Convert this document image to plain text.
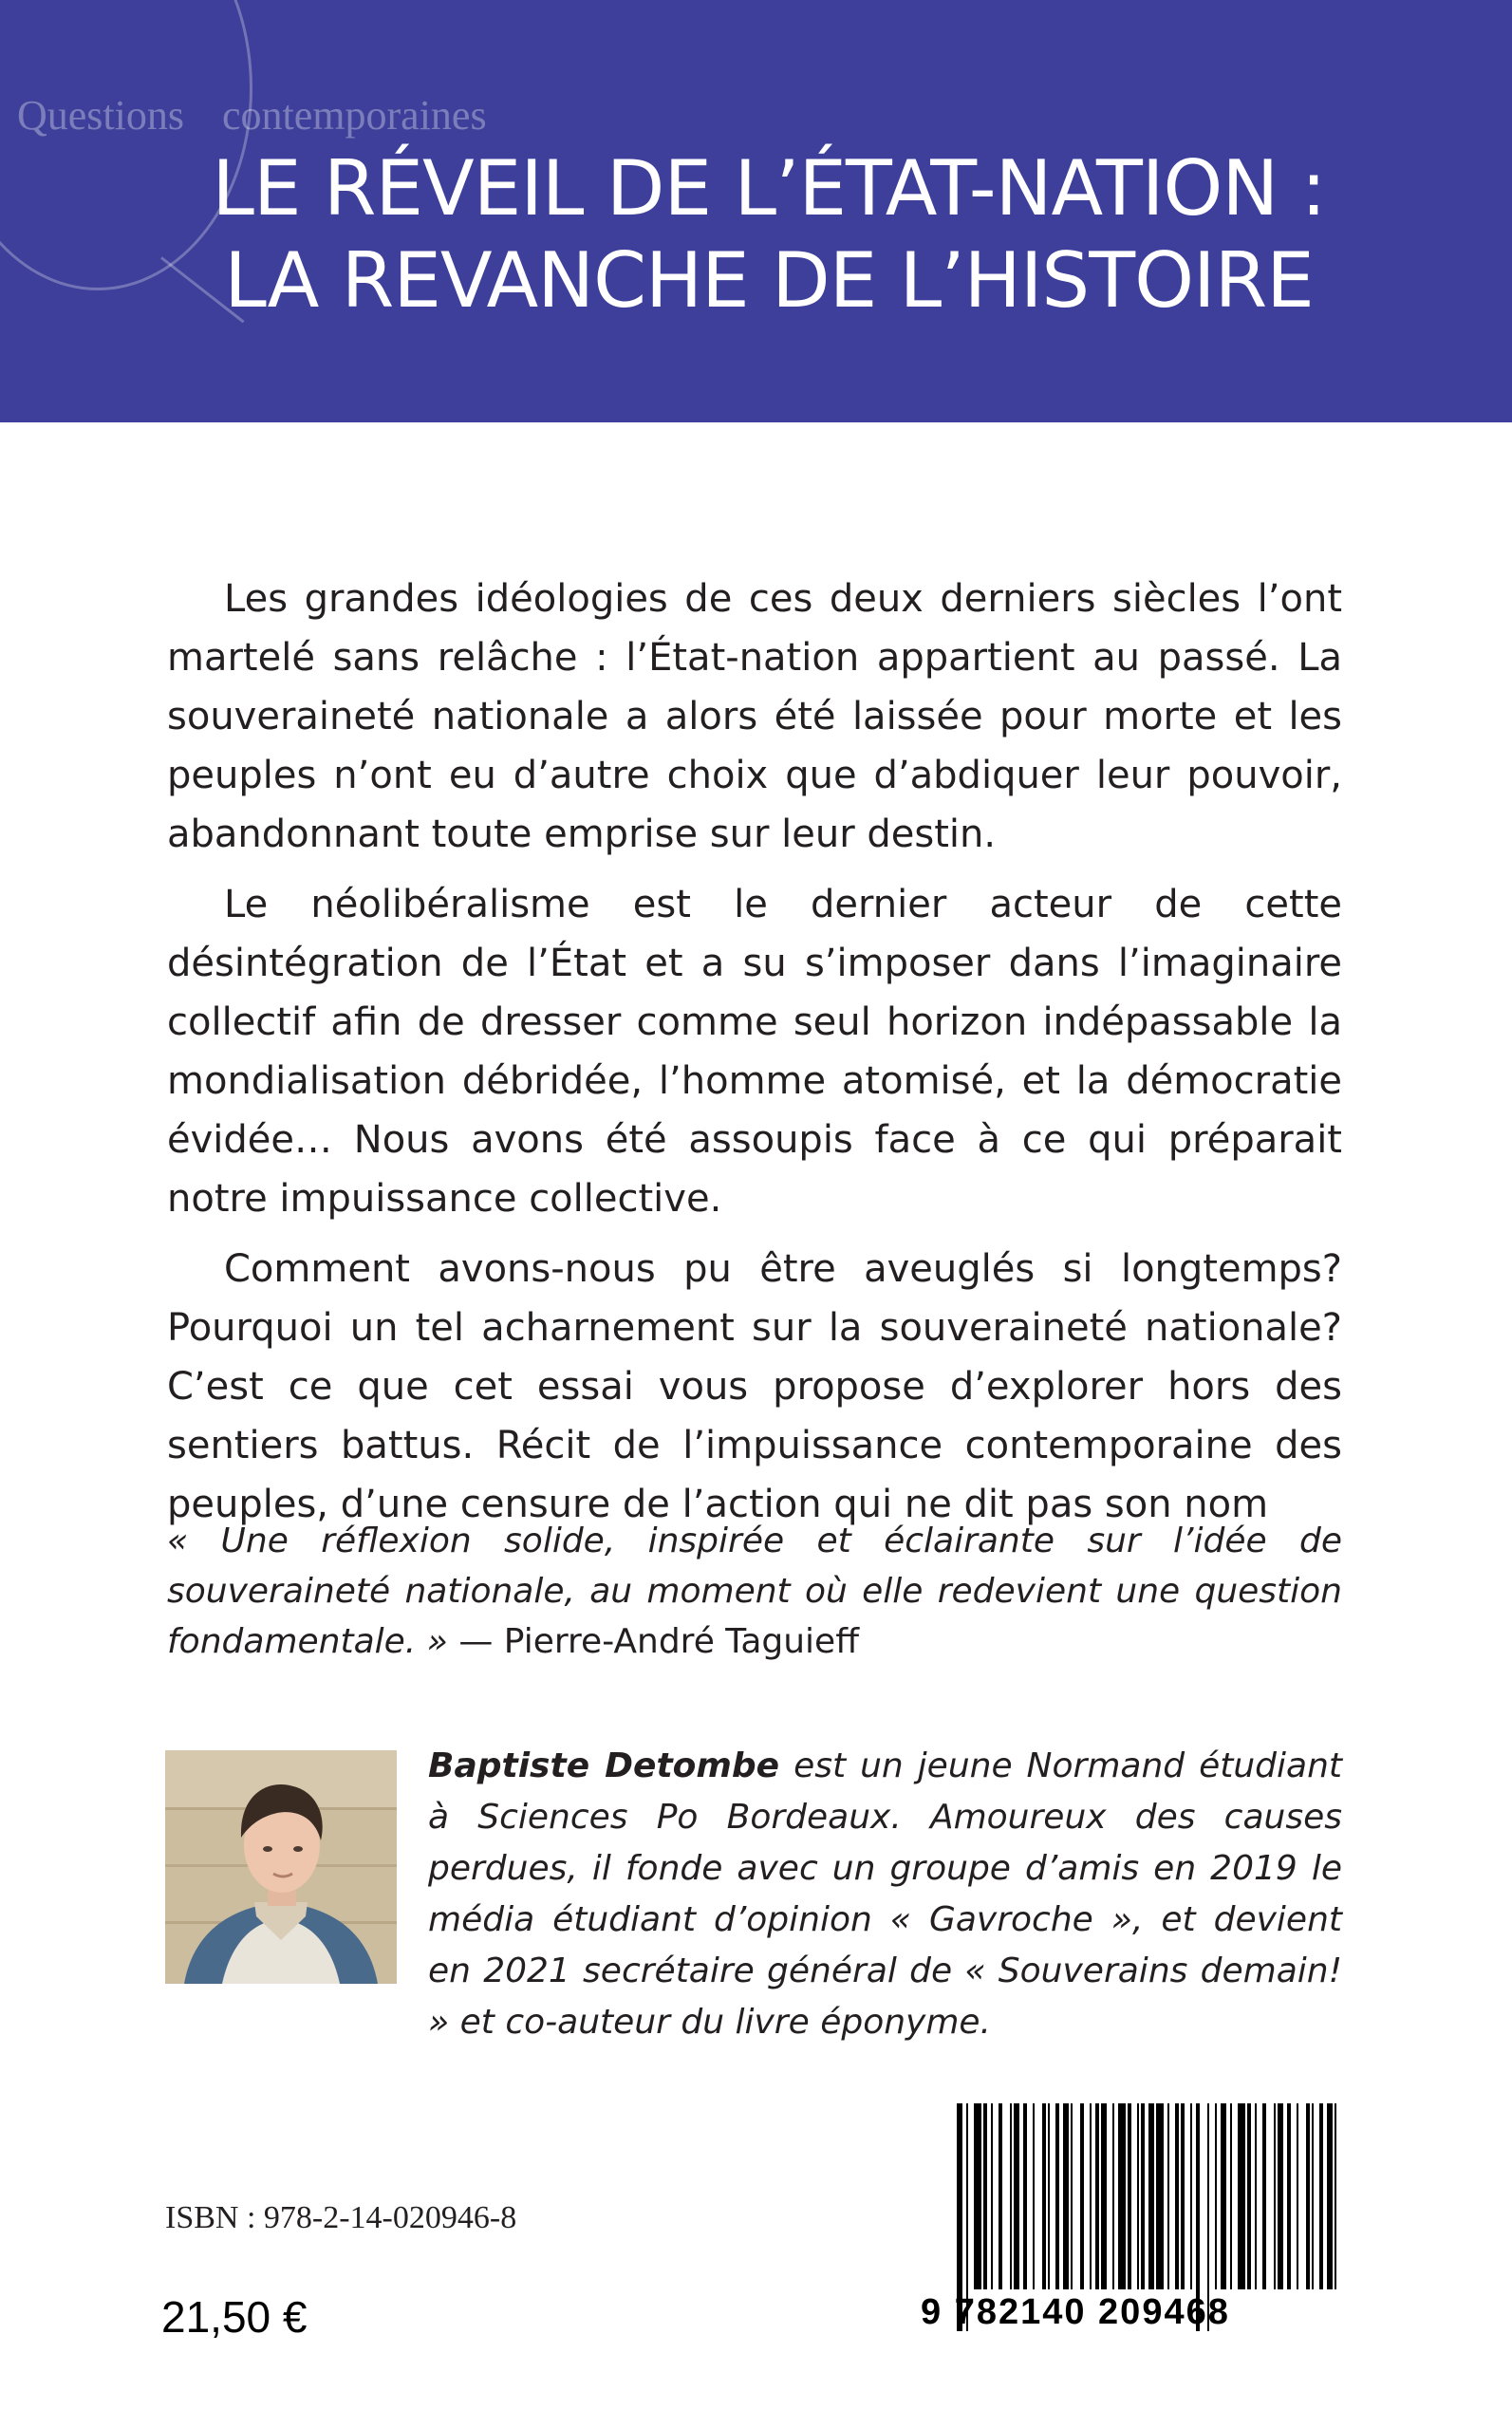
Questions contemporaines
LE RÉVEIL DE L’ÉTAT-NATION :
LA REVANCHE DE L’HISTOIRE

Les grandes idéologies de ces deux derniers siècles l’ont martelé sans relâche : l’État-nation appartient au passé. La souveraineté nationale a alors été laissée pour morte et les peuples n’ont eu d’autre choix que d’abdiquer leur pouvoir, abandonnant toute emprise sur leur destin.

Le néolibéralisme est le dernier acteur de cette désintégration de l’État et a su s’imposer dans l’imaginaire collectif afin de dresser comme seul horizon indépassable la mondialisation débridée, l’homme atomisé, et la démocratie évidée… Nous avons été assoupis face à ce qui préparait notre impuissance collective.

Comment avons-nous pu être aveuglés si longtemps? Pourquoi un tel acharnement sur la souveraineté nationale? C’est ce que cet essai vous propose d’explorer hors des sentiers battus. Récit de l’impuissance contemporaine des peuples, d’une censure de l’action qui ne dit pas son nom

« Une réflexion solide, inspirée et éclairante sur l’idée de souveraineté nationale, au moment où elle redevient une question fondamentale. » — Pierre-André Taguieff
Baptiste Detombe est un jeune Normand étudiant à Sciences Po Bordeaux. Amoureux des causes perdues, il fonde avec un groupe d’amis en 2019 le média étudiant d’opinion « Gavroche », et devient en 2021 secrétaire général de « Souverains demain! » et co-auteur du livre éponyme.
ISBN : 978-2-14-020946-8
21,50 €	9 782140 209468
